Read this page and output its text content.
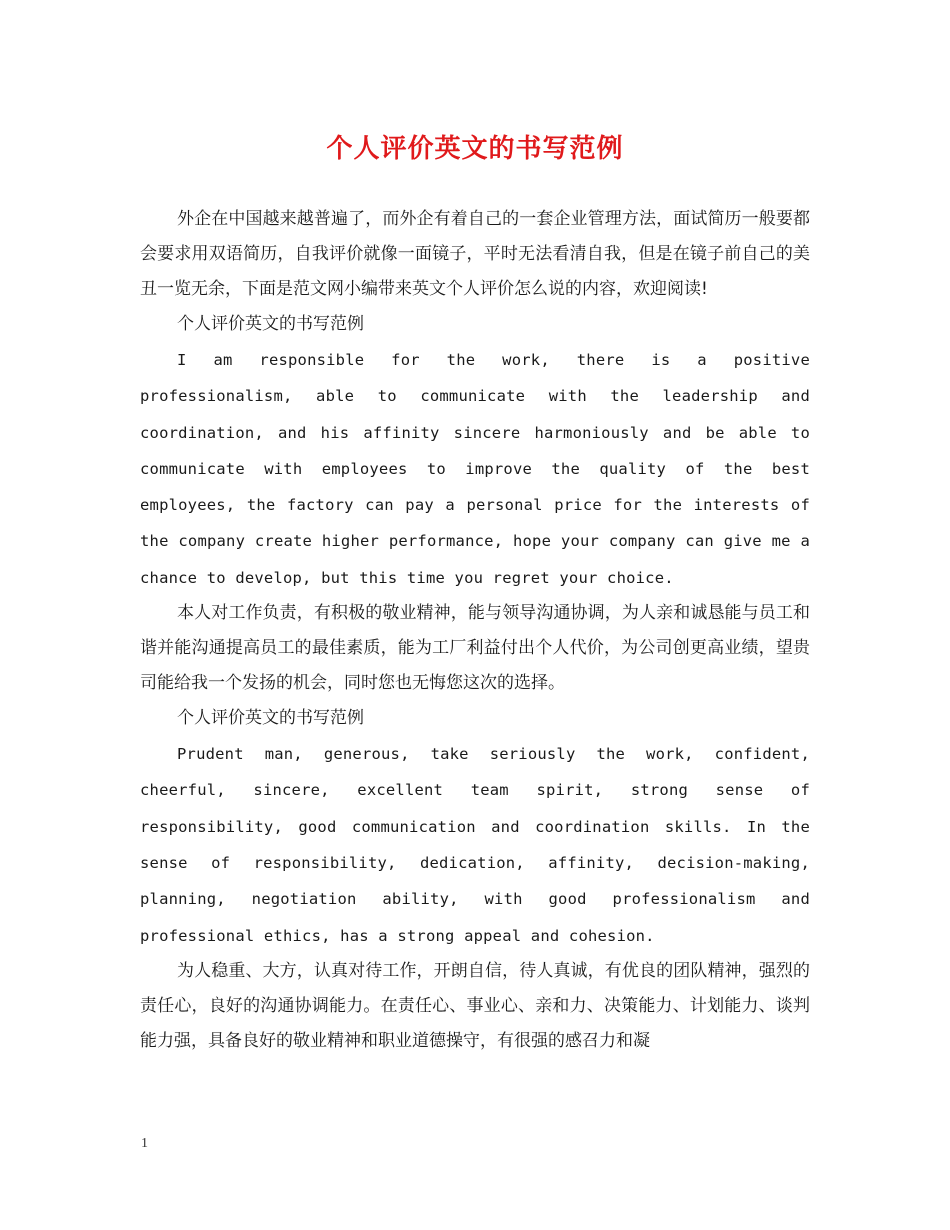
个人评价英文的书写范例

外企在中国越来越普遍了，而外企有着自己的一套企业管理方法，面试简历一般要都会要求用双语简历，自我评价就像一面镜子，平时无法看清自我，但是在镜子前自己的美丑一览无余，下面是范文网小编带来英文个人评价怎么说的内容，欢迎阅读!

个人评价英文的书写范例

I am responsible for the work, there is a positive professionalism, able to communicate with the leadership and coordination, and his affinity sincere harmoniously and be able to communicate with employees to improve the quality of the best employees, the factory can pay a personal price for the interests of the company create higher performance, hope your company can give me a chance to develop, but this time you regret your choice.

本人对工作负责，有积极的敬业精神，能与领导沟通协调，为人亲和诚恳能与员工和谐并能沟通提高员工的最佳素质，能为工厂利益付出个人代价，为公司创更高业绩，望贵司能给我一个发扬的机会，同时您也无悔您这次的选择。

个人评价英文的书写范例

Prudent man, generous, take seriously the work, confident, cheerful, sincere, excellent team spirit, strong sense of responsibility, good communication and coordination skills. In the sense of responsibility, dedication, affinity, decision-making, planning, negotiation ability, with good professionalism and professional ethics, has a strong appeal and cohesion.

为人稳重、大方，认真对待工作，开朗自信，待人真诚，有优良的团队精神，强烈的责任心，良好的沟通协调能力。在责任心、事业心、亲和力、决策能力、计划能力、谈判能力强，具备良好的敬业精神和职业道德操守，有很强的感召力和凝

1
